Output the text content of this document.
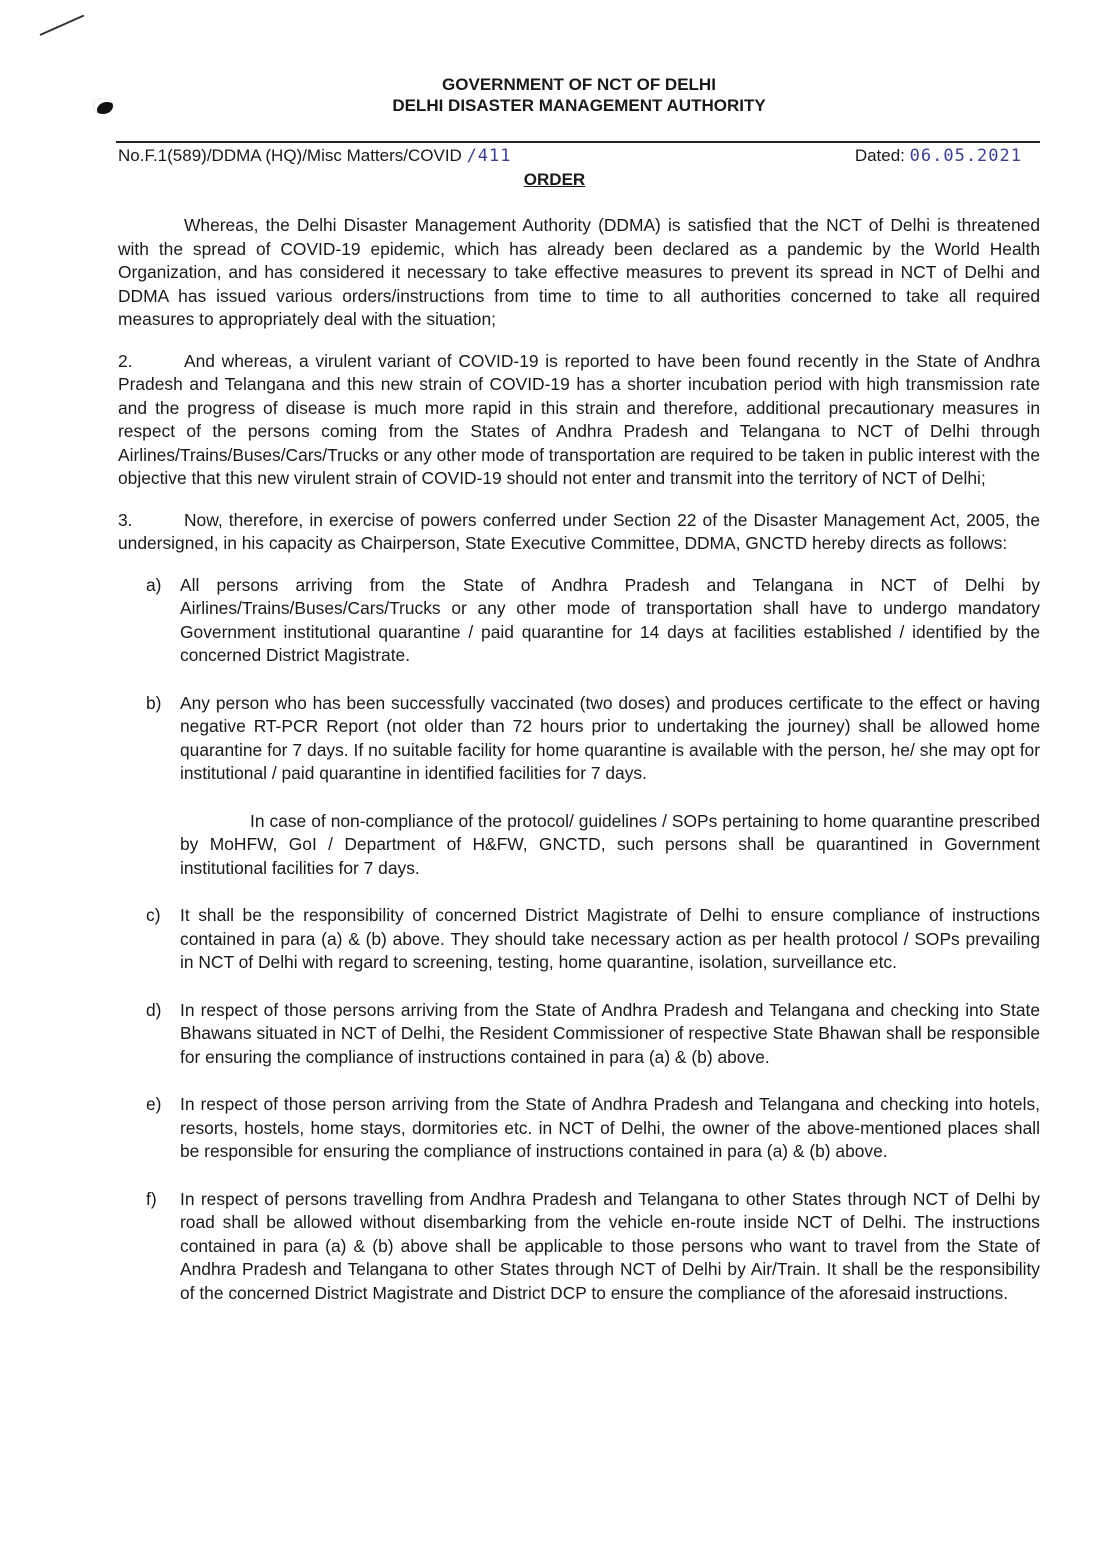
GOVERNMENT OF NCT OF DELHI
DELHI DISASTER MANAGEMENT AUTHORITY
No.F.1(589)/DDMA (HQ)/Misc Matters/COVID /411	Dated: 06.05.2021
ORDER

Whereas, the Delhi Disaster Management Authority (DDMA) is satisfied that the NCT of Delhi is threatened with the spread of COVID-19 epidemic, which has already been declared as a pandemic by the World Health Organization, and has considered it necessary to take effective measures to prevent its spread in NCT of Delhi and DDMA has issued various orders/instructions from time to time to all authorities concerned to take all required measures to appropriately deal with the situation;

2.	And whereas, a virulent variant of COVID-19 is reported to have been found recently in the State of Andhra Pradesh and Telangana and this new strain of COVID-19 has a shorter incubation period with high transmission rate and the progress of disease is much more rapid in this strain and therefore, additional precautionary measures in respect of the persons coming from the States of Andhra Pradesh and Telangana to NCT of Delhi through Airlines/Trains/Buses/Cars/Trucks or any other mode of transportation are required to be taken in public interest with the objective that this new virulent strain of COVID-19 should not enter and transmit into the territory of NCT of Delhi;

3.	Now, therefore, in exercise of powers conferred under Section 22 of the Disaster Management Act, 2005, the undersigned, in his capacity as Chairperson, State Executive Committee, DDMA, GNCTD hereby directs as follows:

a) All persons arriving from the State of Andhra Pradesh and Telangana in NCT of Delhi by Airlines/Trains/Buses/Cars/Trucks or any other mode of transportation shall have to undergo mandatory Government institutional quarantine / paid quarantine for 14 days at facilities established / identified by the concerned District Magistrate.

b) Any person who has been successfully vaccinated (two doses) and produces certificate to the effect or having negative RT-PCR Report (not older than 72 hours prior to undertaking the journey) shall be allowed home quarantine for 7 days. If no suitable facility for home quarantine is available with the person, he/ she may opt for institutional / paid quarantine in identified facilities for 7 days.

In case of non-compliance of the protocol/ guidelines / SOPs pertaining to home quarantine prescribed by MoHFW, GoI / Department of H&FW, GNCTD, such persons shall be quarantined in Government institutional facilities for 7 days.

c) It shall be the responsibility of concerned District Magistrate of Delhi to ensure compliance of instructions contained in para (a) & (b) above. They should take necessary action as per health protocol / SOPs prevailing in NCT of Delhi with regard to screening, testing, home quarantine, isolation, surveillance etc.

d) In respect of those persons arriving from the State of Andhra Pradesh and Telangana and checking into State Bhawans situated in NCT of Delhi, the Resident Commissioner of respective State Bhawan shall be responsible for ensuring the compliance of instructions contained in para (a) & (b) above.

e) In respect of those person arriving from the State of Andhra Pradesh and Telangana and checking into hotels, resorts, hostels, home stays, dormitories etc. in NCT of Delhi, the owner of the above-mentioned places shall be responsible for ensuring the compliance of instructions contained in para (a) & (b) above.

f) In respect of persons travelling from Andhra Pradesh and Telangana to other States through NCT of Delhi by road shall be allowed without disembarking from the vehicle en-route inside NCT of Delhi. The instructions contained in para (a) & (b) above shall be applicable to those persons who want to travel from the State of Andhra Pradesh and Telangana to other States through NCT of Delhi by Air/Train. It shall be the responsibility of the concerned District Magistrate and District DCP to ensure the compliance of the aforesaid instructions.
